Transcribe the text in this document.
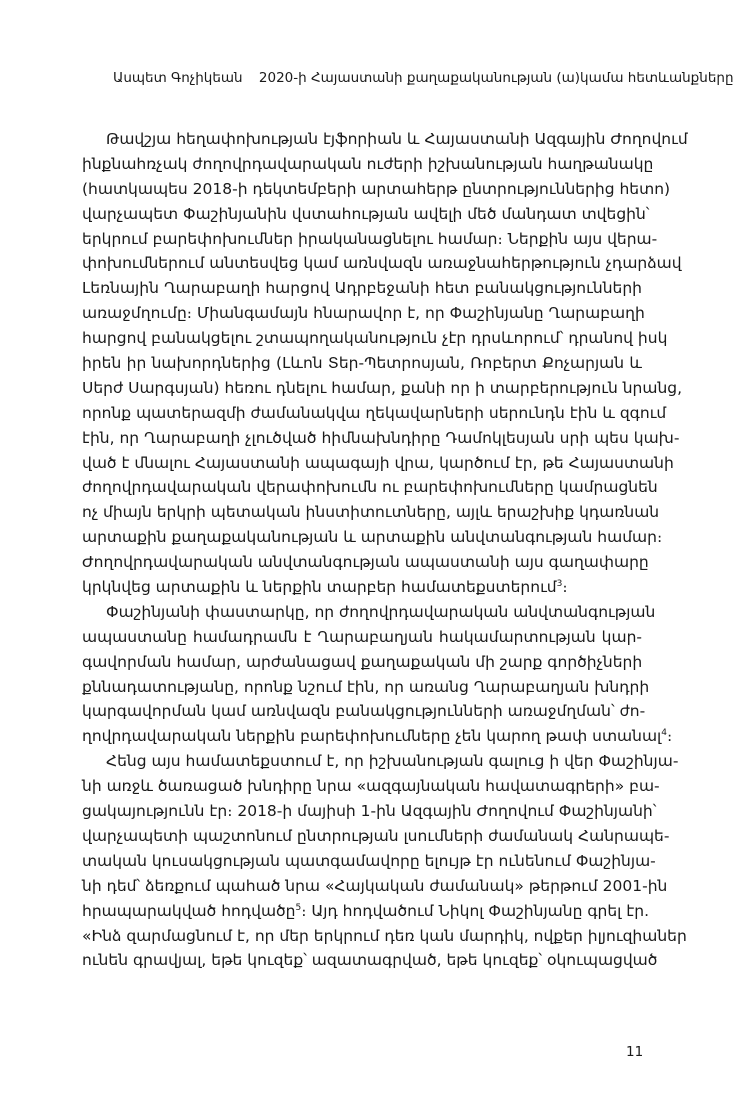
Ասպետ Գոչիկեան 2020-ի Հայաստանի քաղաքականության (ա)կամա հետևանքները
Թավշյա հեղափոխության էյֆորիան և Հայաստանի Ազգային Ժողովում
ինքնահռչակ ժողովրդավարական ուժերի իշխանության հաղթանակը
(հատկապես 2018-ի դեկտեմբերի արտահերթ ընտրություններից հետո)
վարչապետ Փաշինյանին վստահության ավելի մեծ մանդատ տվեցին՝
երկրում բարեփոխումներ իրականացնելու համար։ Ներքին այս վերա-
փոխումներում անտեսվեց կամ առնվազն առաջնահերթություն չդարձավ
Լեռնային Ղարաբաղի հարցով Ադրբեջանի հետ բանակցությունների
առաջմղումը։ Միանգամայն հնարավոր է, որ Փաշինյանը Ղարաբաղի
հարցով բանակցելու շտապողականություն չէր դրսևորում՝ դրանով իսկ
իրեն իր նախորդներից (Լևոն Տեր-Պետրոսյան, Ռոբերտ Քոչարյան և
Սերժ Սարգսյան) հեռու դնելու համար, քանի որ ի տարբերություն նրանց,
որոնք պատերազմի ժամանակվա ղեկավարների սերունդն էին և զգում
էին, որ Ղարաբաղի չլուծված հիմնախնդիրը Դամոկլեսյան սրի պես կախ-
ված է մնալու Հայաստանի ապագայի վրա, կարծում էր, թե Հայաստանի
ժողովրդավարական վերափոխումն ու բարեփոխումները կամրացնեն
ոչ միայն երկրի պետական ինստիտուտները, այլև երաշխիք կդառնան
արտաքին քաղաքականության և արտաքին անվտանգության համար։
Ժողովրդավարական անվտանգության ապաստանի այս գաղափարը
կրկնվեց արտաքին և ներքին տարբեր համատեքստերում$^3$։
Փաշինյանի փաստարկը, որ ժողովրդավարական անվտանգության
ապաստանը համադրամն է Ղարաբաղյան հակամարտության կար-
գավորման համար, արժանացավ քաղաքական մի շարք գործիչների
քննադատությանը, որոնք նշում էին, որ առանց Ղարաբաղյան խնդրի
կարգավորման կամ առնվազն բանակցությունների առաջմղման՝ ժո-
ղովրդավարական ներքին բարեփոխումները չեն կարող թափ ստանալ$^4$։
Հենց այս համատեքստում է, որ իշխանության գալուց ի վեր Փաշինյա-
նի առջև ծառացած խնդիրը նրա «ազգայնական հավատագրերի» բա-
ցակայությունն էր։ 2018-ի մայիսի 1-ին Ազգային Ժողովում Փաշինյանի՝
վարչապետի պաշտոնում ընտրության լսումների ժամանակ Հանրապե-
տական կուսակցության պատգամավորը ելույթ էր ունենում Փաշինյա-
նի դեմ՝ ձեռքում պահած նրա «Հայկական ժամանակ» թերթում 2001-ին
հրապարակված հոդվածը$^5$։ Այդ հոդվածում Նիկոլ Փաշինյանը գրել էր.
«Ինձ զարմացնում է, որ մեր երկրում դեռ կան մարդիկ, ովքեր իլյուզիաներ
ունեն գրավյալ, եթե կուզեք՝ ազատագրված, եթե կուզեք՝ օկուպացված
11
